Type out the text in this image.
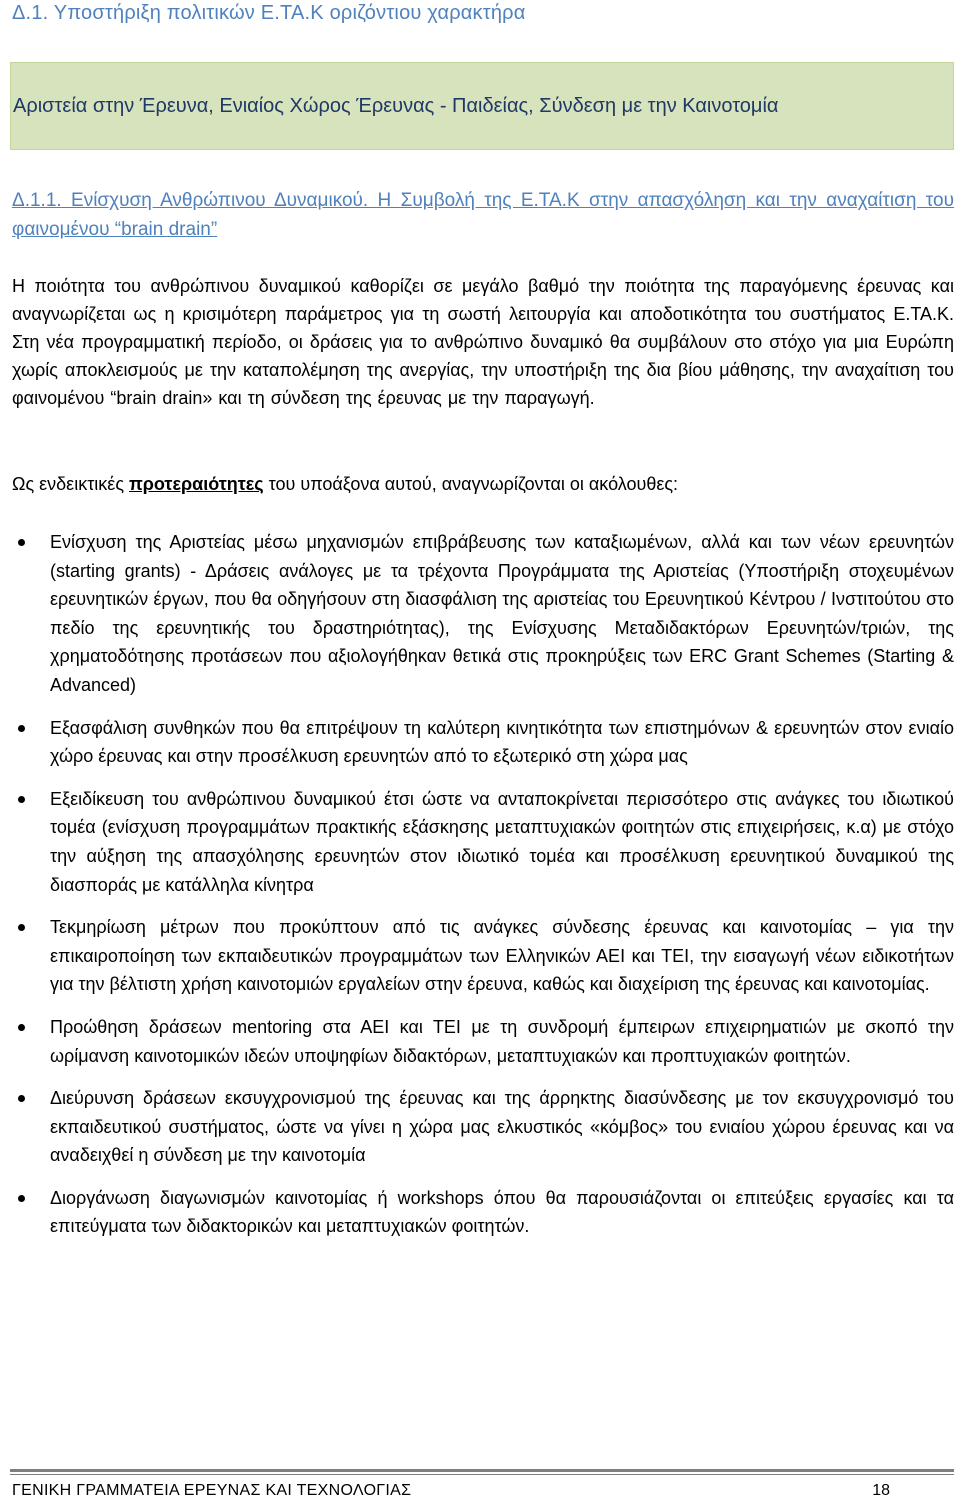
Δ.1. Υποστήριξη πολιτικών Ε.ΤΑ.Κ οριζόντιου χαρακτήρα
Αριστεία στην Έρευνα, Ενιαίος Χώρος Έρευνας - Παιδείας, Σύνδεση με την Καινοτομία
Δ.1.1. Ενίσχυση Ανθρώπινου Δυναμικού. Η Συμβολή της Ε.ΤΑ.Κ στην απασχόληση και την αναχαίτιση του φαινομένου “brain drain”
Η ποιότητα του ανθρώπινου δυναμικού καθορίζει σε μεγάλο βαθμό την ποιότητα της παραγόμενης έρευνας και αναγνωρίζεται ως η κρισιμότερη παράμετρος για τη σωστή λειτουργία και αποδοτικότητα του συστήματος Ε.ΤΑ.Κ. Στη νέα προγραμματική περίοδο, οι δράσεις για το ανθρώπινο δυναμικό θα συμβάλουν στο στόχο για μια Ευρώπη χωρίς αποκλεισμούς με την καταπολέμηση της ανεργίας, την υποστήριξη της δια βίου μάθησης, την αναχαίτιση του φαινομένου “brain drain» και τη σύνδεση της έρευνας με την παραγωγή.
Ως ενδεικτικές προτεραιότητες του υποάξονα αυτού, αναγνωρίζονται οι ακόλουθες:
Ενίσχυση της Αριστείας μέσω μηχανισμών επιβράβευσης των καταξιωμένων, αλλά και των νέων ερευνητών (starting grants) - Δράσεις ανάλογες με τα τρέχοντα Προγράμματα της Αριστείας (Υποστήριξη στοχευμένων ερευνητικών έργων, που θα οδηγήσουν στη διασφάλιση της αριστείας του Ερευνητικού Κέντρου / Ινστιτούτου στο πεδίο της ερευνητικής του δραστηριότητας), της Ενίσχυσης Μεταδιδακτόρων Ερευνητών/τριών, της χρηματοδότησης προτάσεων που αξιολογήθηκαν θετικά στις προκηρύξεις των ERC Grant Schemes (Starting & Advanced)
Εξασφάλιση συνθηκών που θα επιτρέψουν τη καλύτερη κινητικότητα των επιστημόνων & ερευνητών στον ενιαίο χώρο έρευνας και στην προσέλκυση ερευνητών από το εξωτερικό στη χώρα μας
Εξειδίκευση του ανθρώπινου δυναμικού έτσι ώστε να ανταποκρίνεται περισσότερο στις ανάγκες του ιδιωτικού τομέα (ενίσχυση προγραμμάτων πρακτικής εξάσκησης μεταπτυχιακών φοιτητών στις επιχειρήσεις, κ.α) με στόχο την αύξηση της απασχόλησης ερευνητών στον ιδιωτικό τομέα και προσέλκυση ερευνητικού δυναμικού της διασποράς με κατάλληλα κίνητρα
Τεκμηρίωση μέτρων που προκύπτουν από τις ανάγκες σύνδεσης έρευνας και καινοτομίας – για την επικαιροποίηση των εκπαιδευτικών προγραμμάτων των Ελληνικών ΑΕΙ και ΤΕΙ, την εισαγωγή νέων ειδικοτήτων για την βέλτιστη χρήση καινοτομιών εργαλείων στην έρευνα, καθώς και διαχείριση της έρευνας και καινοτομίας.
Προώθηση δράσεων mentoring στα ΑΕΙ και ΤΕΙ με τη συνδρομή έμπειρων επιχειρηματιών με σκοπό την ωρίμανση καινοτομικών ιδεών υποψηφίων διδακτόρων, μεταπτυχιακών και προπτυχιακών φοιτητών.
Διεύρυνση δράσεων εκσυγχρονισμού της έρευνας και της άρρηκτης διασύνδεσης με τον εκσυγχρονισμό του εκπαιδευτικού συστήματος, ώστε να γίνει η χώρα μας ελκυστικός «κόμβος» του ενιαίου χώρου έρευνας και να αναδειχθεί η σύνδεση με την καινοτομία
Διοργάνωση διαγωνισμών καινοτομίας ή workshops όπου θα παρουσιάζονται οι επιτεύξεις εργασίες και τα επιτεύγματα των διδακτορικών και μεταπτυχιακών φοιτητών.
ΓΕΝΙΚΗ ΓΡΑΜΜΑΤΕΙΑ ΕΡΕΥΝΑΣ ΚΑΙ ΤΕΧΝΟΛΟΓΙΑΣ	18
